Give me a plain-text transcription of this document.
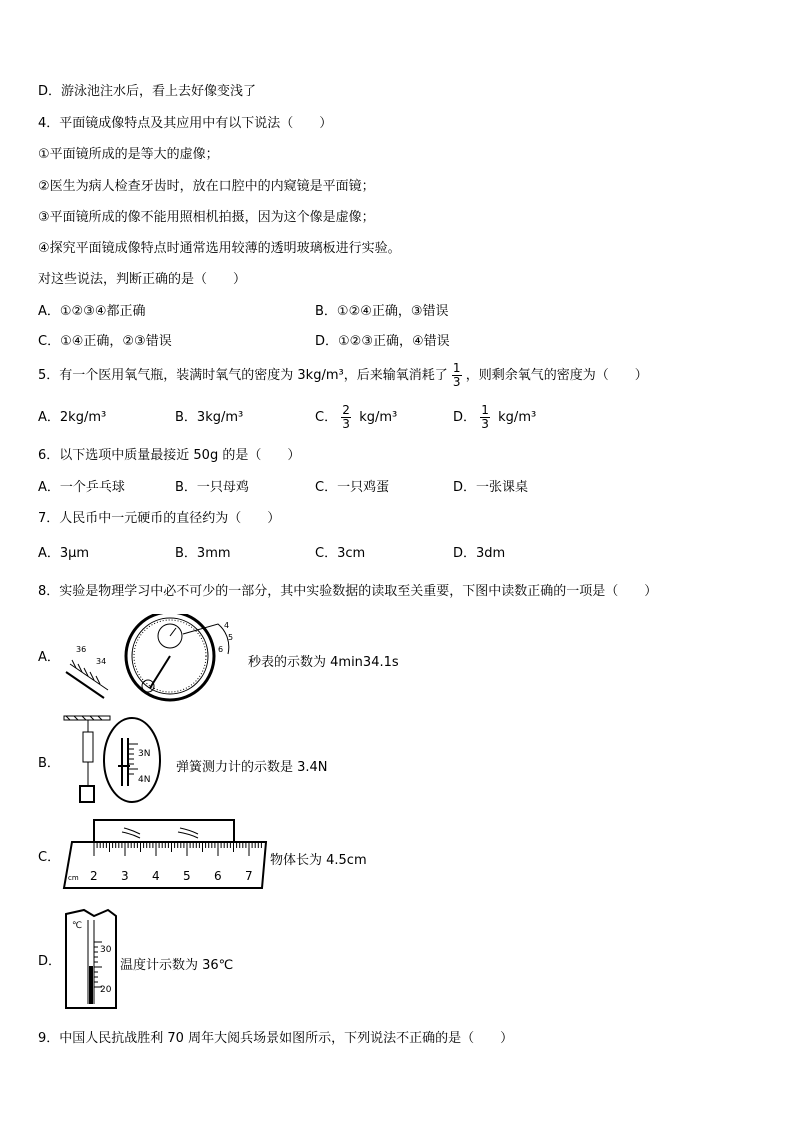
D．游泳池注水后，看上去好像变浅了
4．平面镜成像特点及其应用中有以下说法（　　）
①平面镜所成的是等大的虚像；
②医生为病人检查牙齿时，放在口腔中的内窥镜是平面镜；
③平面镜所成的像不能用照相机拍摄，因为这个像是虚像；
④探究平面镜成像特点时通常选用较薄的透明玻璃板进行实验。
对这些说法，判断正确的是（　　）
A．①②③④都正确	B．①②④正确，③错误
C．①④正确，②③错误	D．①②③正确，④错误
5．有一个医用氧气瓶，装满时氧气的密度为 3kg/m³，后来输氧消耗了 $\frac{1}{3}$ ，则剩余氧气的密度为（　　）
A．2kg/m³	B．3kg/m³	C． $\frac{2}{3} kg/m^3$	D． $\frac{1}{3} kg/m^3$
6．以下选项中质量最接近 50g 的是（　　）
A．一个乒乓球	B．一只母鸡	C．一只鸡蛋	D．一张课桌
7．人民币中一元硬币的直径约为（　　）
A．3μm	B．3mm	C．3cm	D．3dm
8．实验是物理学习中必不可少的一部分，其中实验数据的读取至关重要，下图中读数正确的一项是（　　）
A．
36
34
4
5
6
秒表的示数为 4min34.1s
B．
3N
4N
弹簧测力计的示数是 3.4N
C．
cm 2 3 4 5 6 7
物体长为 4.5cm
D．
℃
30
20
温度计示数为 36℃
9．中国人民抗战胜利 70 周年大阅兵场景如图所示，下列说法不正确的是（　　）
